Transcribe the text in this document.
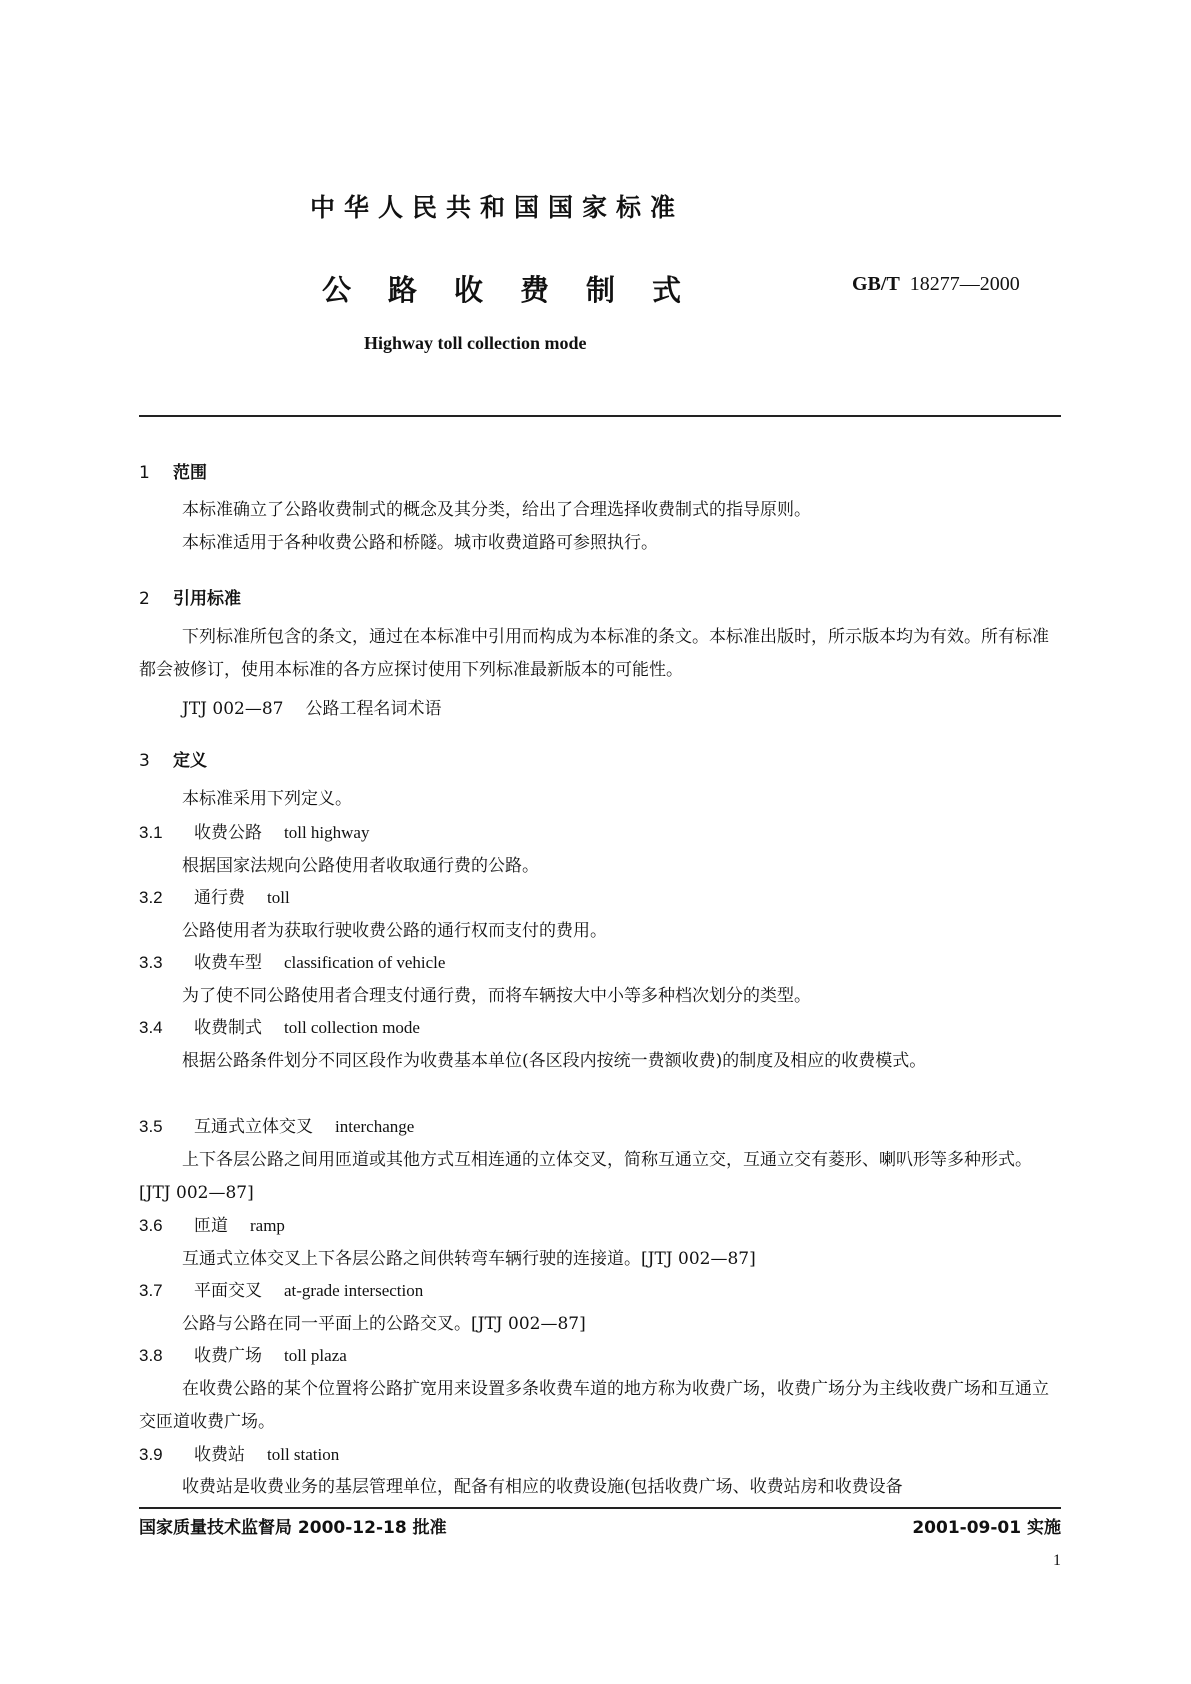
中华人民共和国国家标准
公路收费制式	GB/T 18277—2000
Highway toll collection mode
1 范围

本标准确立了公路收费制式的概念及其分类，给出了合理选择收费制式的指导原则。

本标准适用于各种收费公路和桥隧。城市收费道路可参照执行。

2 引用标准

下列标准所包含的条文，通过在本标准中引用而构成为本标准的条文。本标准出版时，所示版本均为有效。所有标准都会被修订，使用本标准的各方应探讨使用下列标准最新版本的可能性。

JTJ 002—87 公路工程名词术语
3 定义
本标准采用下列定义。
3.1 收费公路 toll highway

根据国家法规向公路使用者收取通行费的公路。

3.2 通行费 toll

公路使用者为获取行驶收费公路的通行权而支付的费用。

3.3 收费车型 classification of vehicle

为了使不同公路使用者合理支付通行费，而将车辆按大中小等多种档次划分的类型。

3.4 收费制式 toll collection mode

根据公路条件划分不同区段作为收费基本单位(各区段内按统一费额收费)的制度及相应的收费模式。

3.5 互通式立体交叉 interchange

上下各层公路之间用匝道或其他方式互相连通的立体交叉，简称互通立交，互通立交有菱形、喇叭形等多种形式。[JTJ 002—87]

3.6 匝道 ramp

互通式立体交叉上下各层公路之间供转弯车辆行驶的连接道。[JTJ 002—87]

3.7 平面交叉 at-grade intersection

公路与公路在同一平面上的公路交叉。[JTJ 002—87]

3.8 收费广场 toll plaza

在收费公路的某个位置将公路扩宽用来设置多条收费车道的地方称为收费广场，收费广场分为主线收费广场和互通立交匝道收费广场。

3.9 收费站 toll station

收费站是收费业务的基层管理单位，配备有相应的收费设施(包括收费广场、收费站房和收费设备

国家质量技术监督局 2000-12-18 批准	2001-09-01 实施
1
